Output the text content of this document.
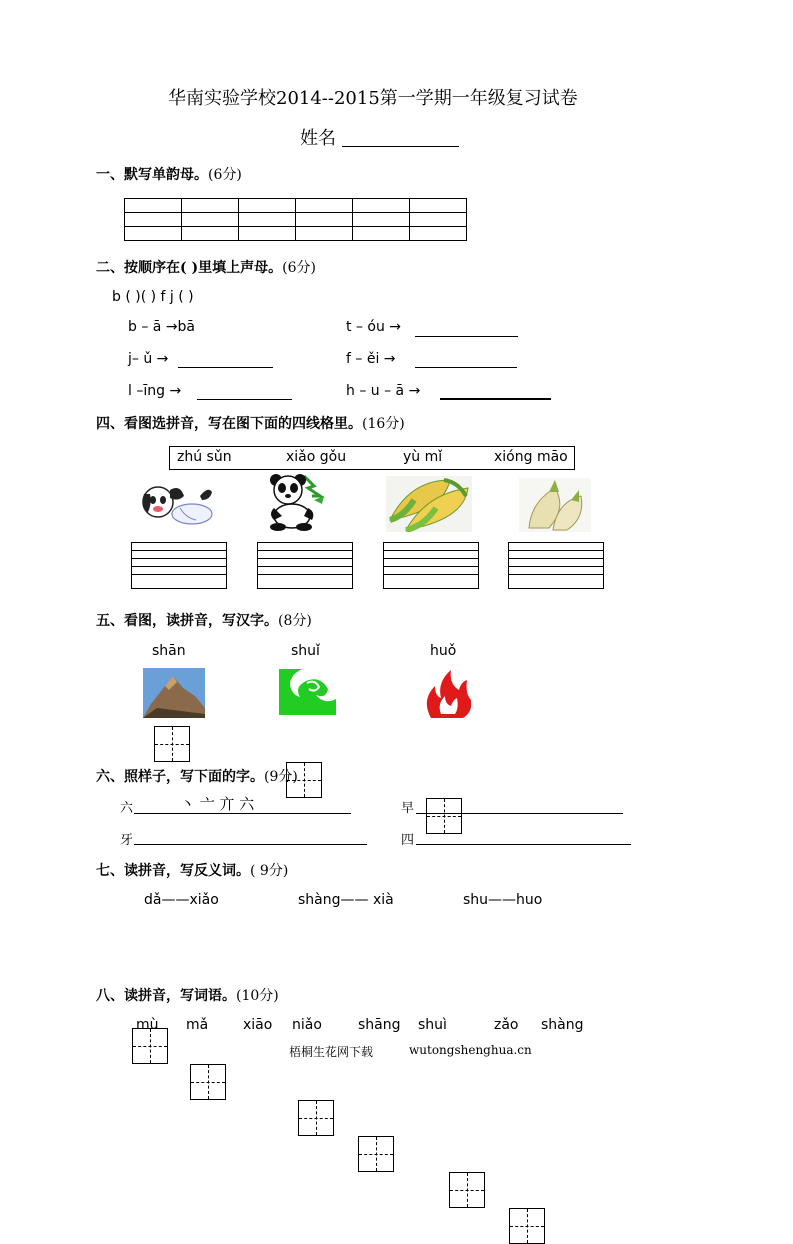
华南实验学校2014--2015第一学期一年级复习试卷
姓名
一、默写单韵母。(6分)

二、按顺序在( )里填上声母。(6分)
b ( )( ) f j ( )
b – ā →bā	t – óu →
j– ǔ →	f – ěi →
l –īng →	h – u – ā →
四、看图选拼音，写在图下面的四线格里。(16分)
zhú sǔn	xiǎo gǒu	yù mǐ	xióng māo
五、看图，读拼音，写汉字。(8分)
shān	shuǐ	huǒ
六、照样子，写下面的字。(9分)
六	丶 亠 亣 六	早
牙	四
七、读拼音，写反义词。( 9分)
dǎ——xiǎo	shàng—— xià	shu——huo
八、读拼音，写词语。(10分)
mù mǎ xiāo niǎo	shāng shuì	zǎo shàng
梧桐生花网下载	wutongshenghua.cn
